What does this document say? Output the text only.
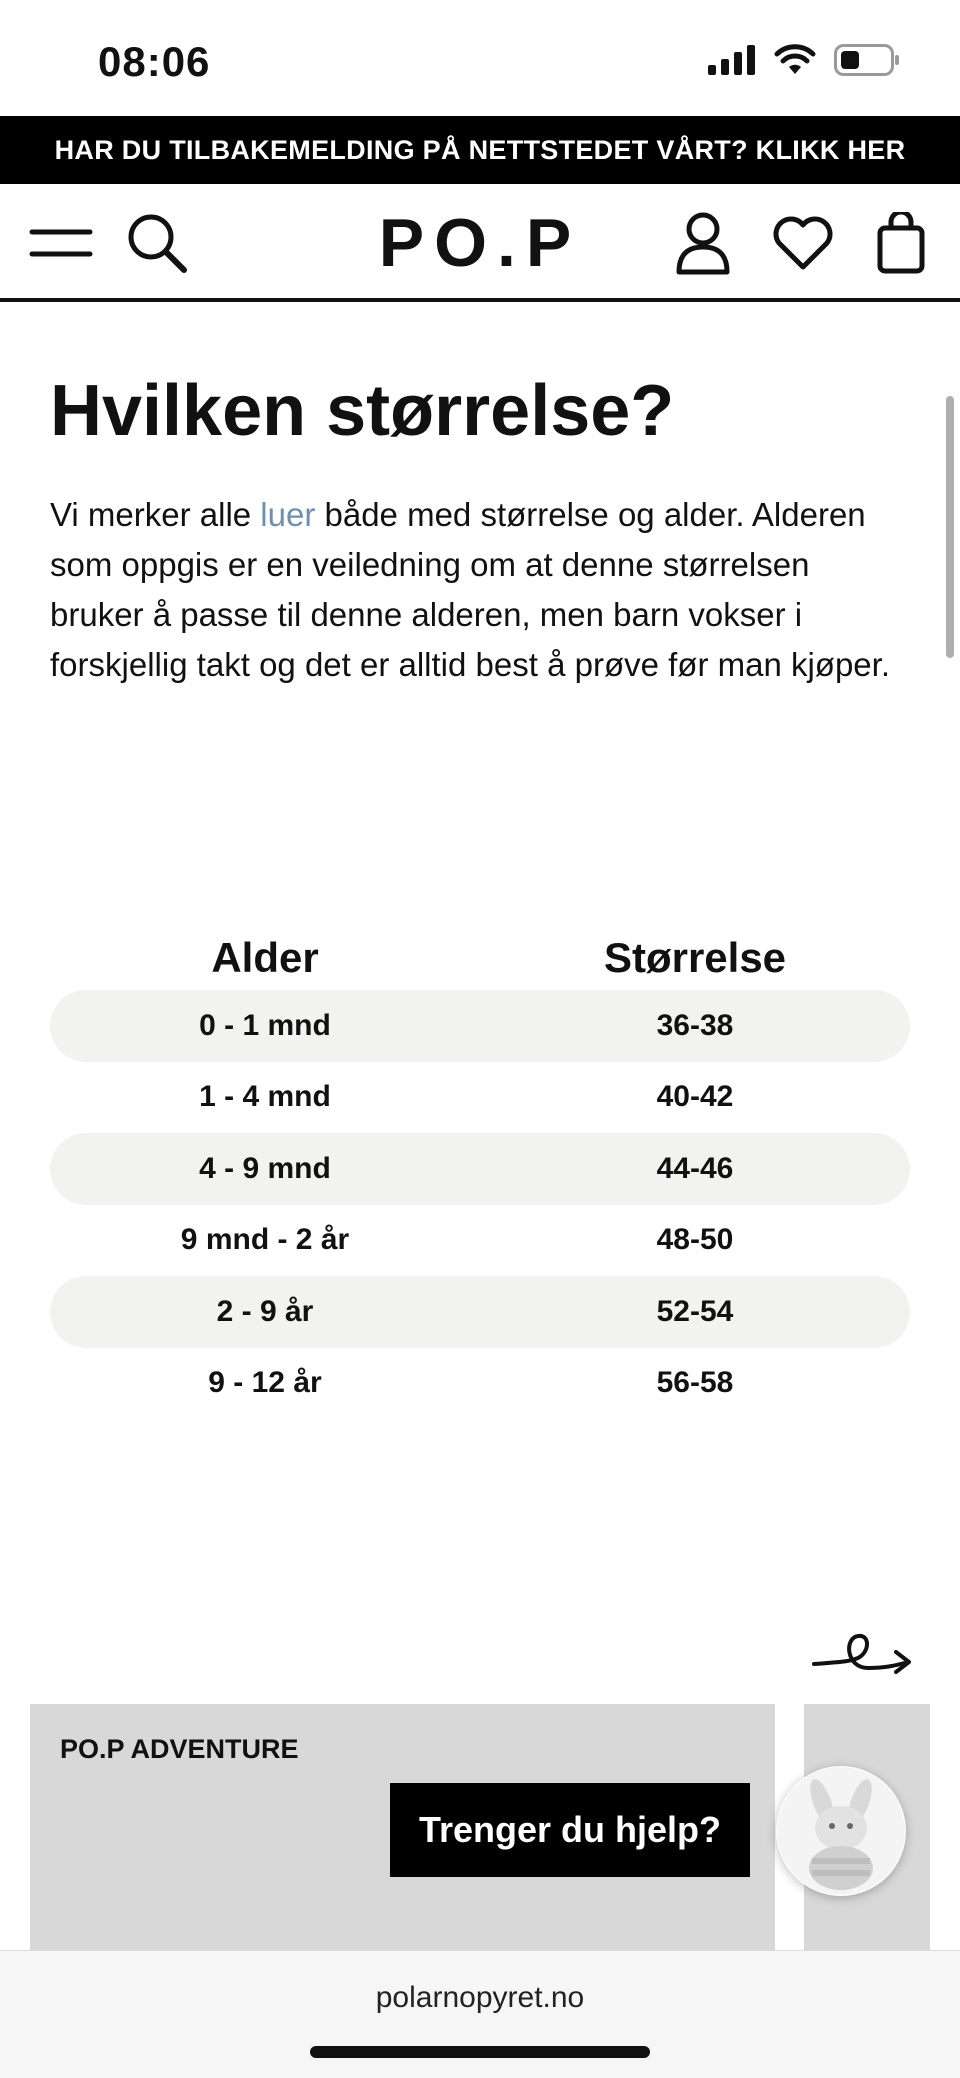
08:06
HAR DU TILBAKEMELDING PÅ NETTSTEDET VÅRT? KLIKK HER
PO.P
Hvilken størrelse?

Vi merker alle luer både med størrelse og alder. Alderen som oppgis er en veiledning om at denne størrelsen bruker å passe til denne alderen, men barn vokser i forskjellig takt og det er alltid best å prøve før man kjøper.

Alder	Størrelse
0 - 1 mnd	36-38
1 - 4 mnd	40-42
4 - 9 mnd	44-46
9 mnd - 2 år	48-50
2 - 9 år	52-54
9 - 12 år	56-58
PO.P ADVENTURE
Trenger du hjelp?
polarnopyret.no
